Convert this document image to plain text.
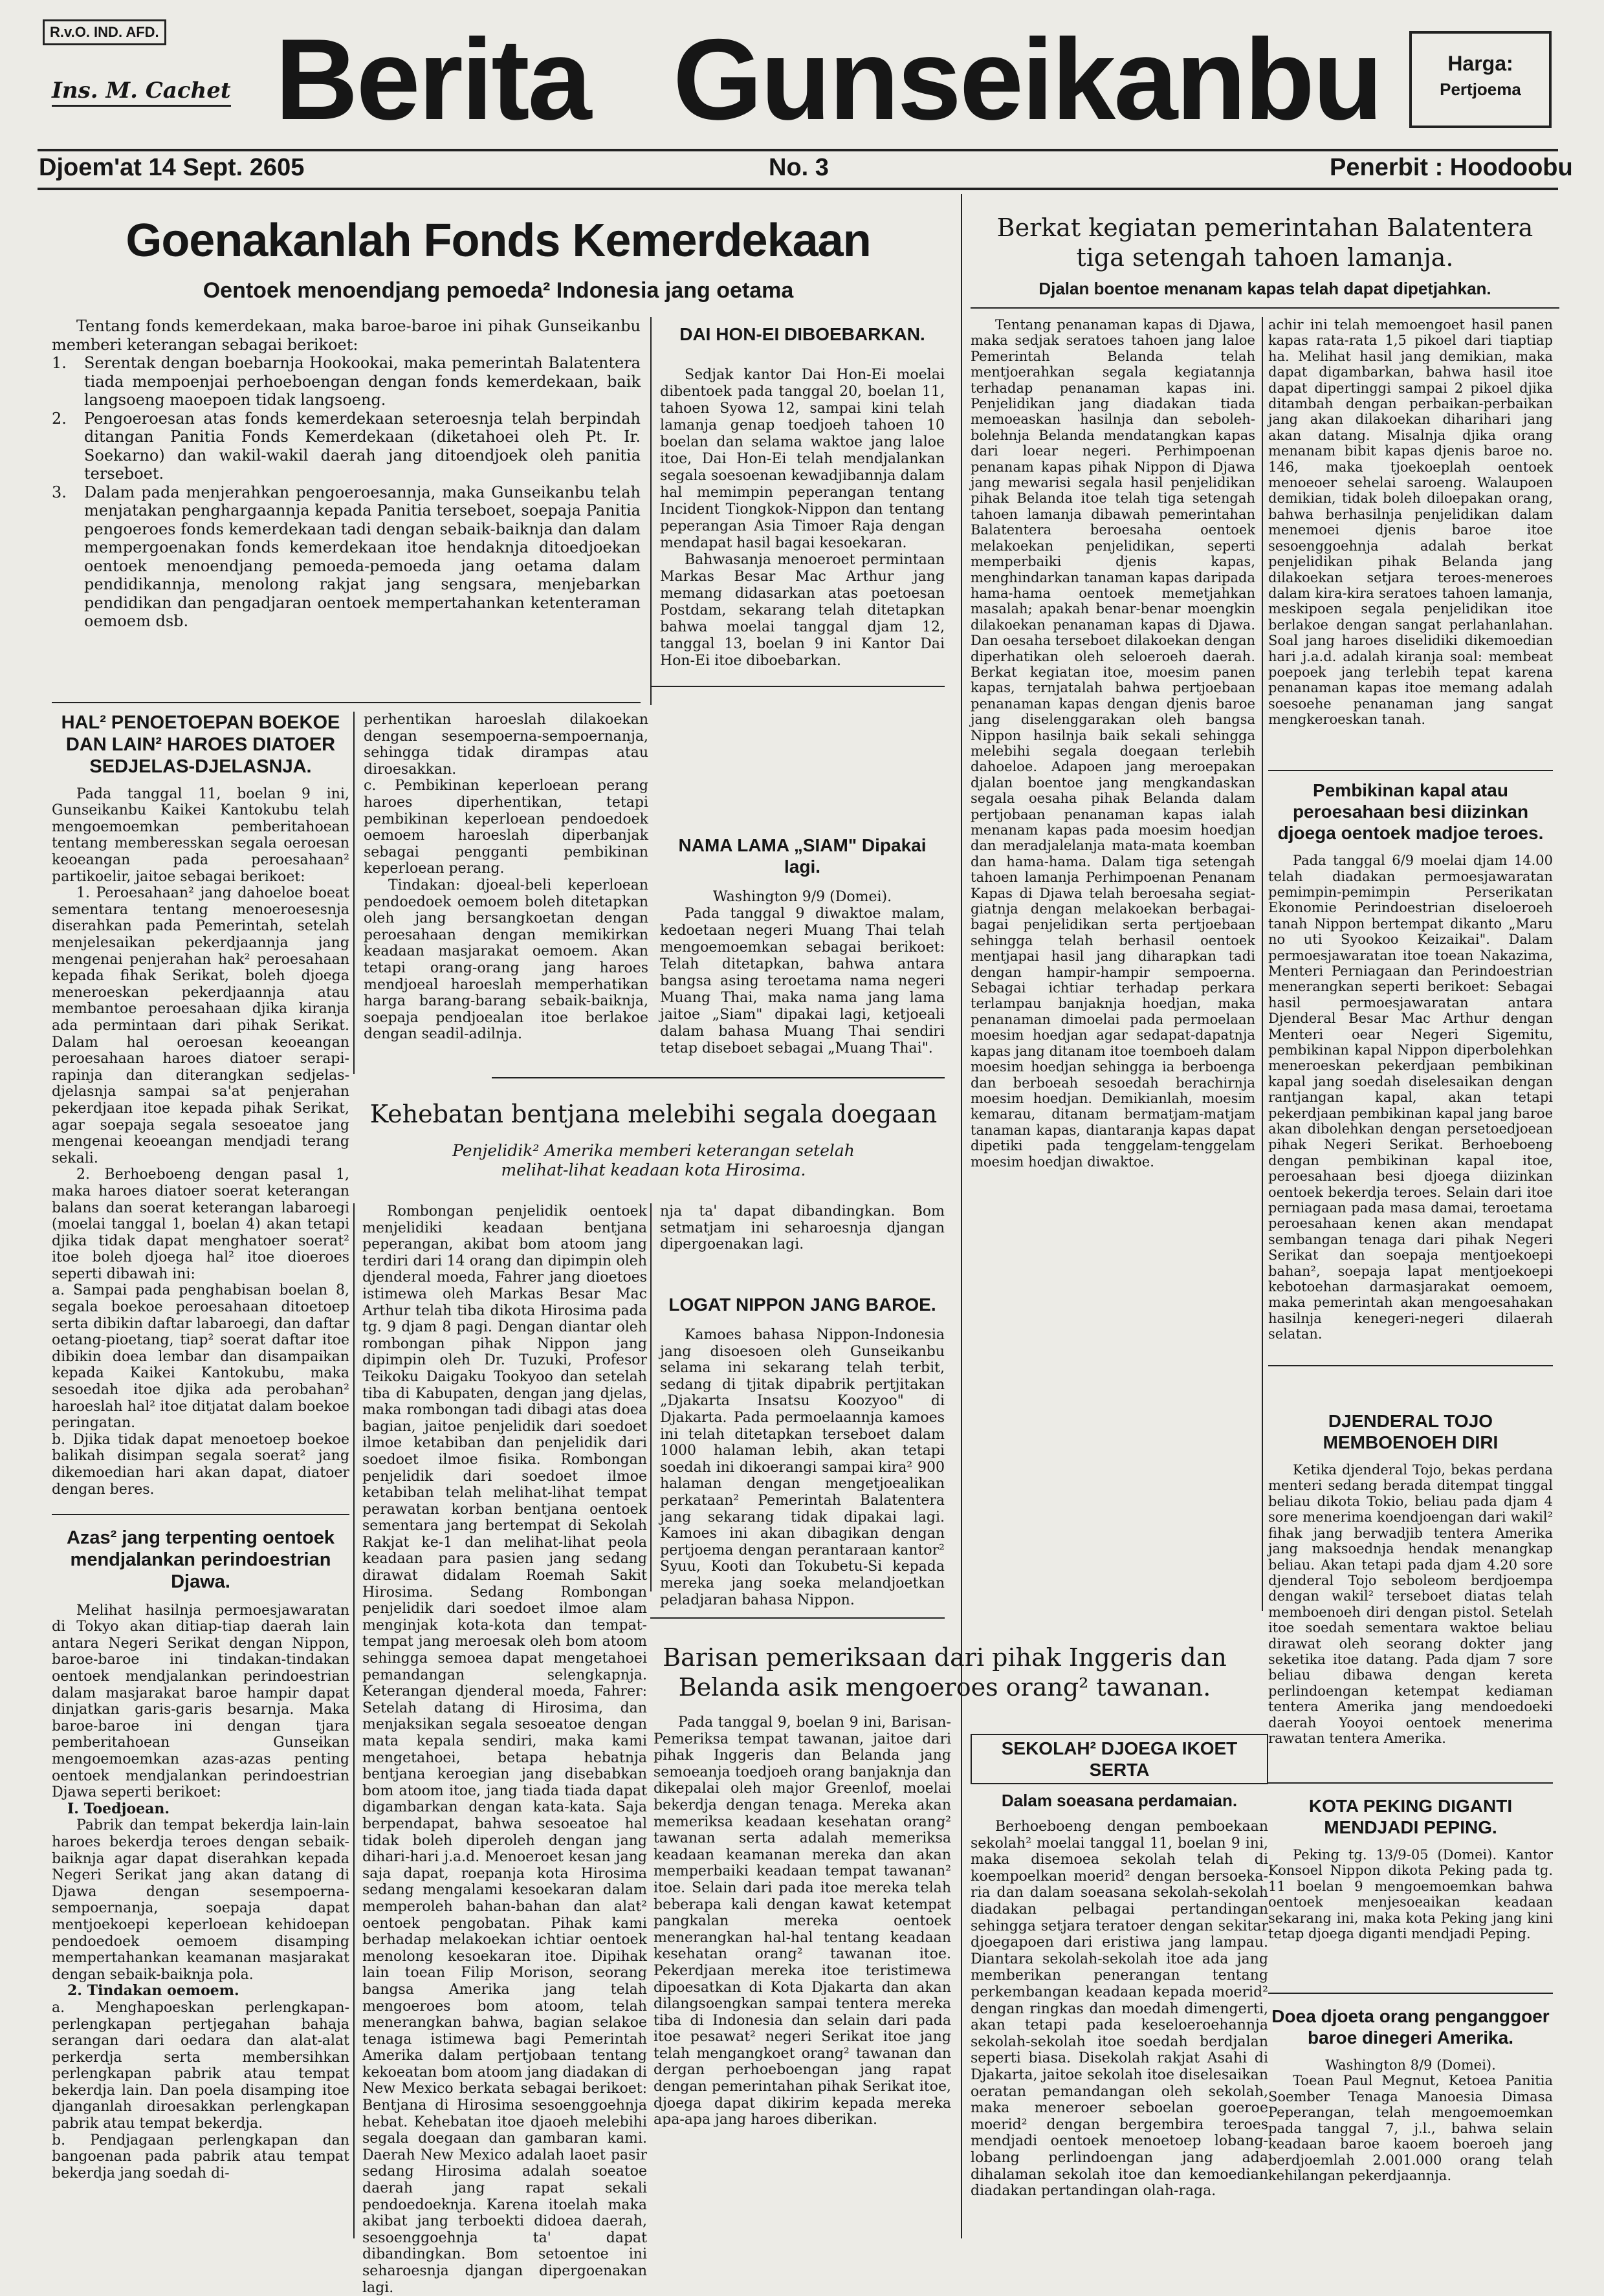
R.v.O. IND. AFD.
Ins. M. Cachet Berita Gunseikanbu	Harga:
Pertjoema
Djoem'at 14 Sept. 2605	No. 3	Penerbit : Hoodoobu
Goenakanlah Fonds Kemerdekaan
Oentoek menoendjang pemoeda² Indonesia jang oetama

Tentang fonds kemerdekaan, maka baroe-baroe ini pihak Gunseikanbu memberi keterangan sebagai berikoet:

1.	Serentak dengan boebarnja Hookookai, maka pemerintah Balatentera tiada mempoenjai perhoeboengan dengan fonds kemerdekaan, baik langsoeng maoepoen tidak langsoeng.
2.	Pengoeroesan atas fonds kemerdekaan seteroesnja telah berpindah ditangan Panitia Fonds Kemerdekaan (diketahoei oleh Pt. Ir. Soekarno) dan wakil-wakil daerah jang ditoendjoek oleh panitia terseboet.
3.	Dalam pada menjerahkan pengoeroesannja, maka Gunseikanbu telah menjatakan penghargaannja kepada Panitia terseboet, soepaja Panitia pengoeroes fonds kemerdekaan tadi dengan sebaik-baiknja dan dalam mempergoenakan fonds kemerdekaan itoe hendaknja ditoedjoekan oentoek menoendjang pemoeda-pemoeda jang oetama dalam pendidikannja, menolong rakjat jang sengsara, menjebarkan pendidikan dan pengadjaran oentoek mempertahankan ketenteraman oemoem dsb.
DAI HON-EI DIBOEBARKAN.

Sedjak kantor Dai Hon-Ei moelai dibentoek pada tanggal 20, boelan 11, tahoen Syowa 12, sampai kini telah lamanja genap toedjoeh tahoen 10 boelan dan selama waktoe jang laloe itoe, Dai Hon-Ei telah mendjalankan segala soesoenan kewadjibannja dalam hal memimpin peperangan tentang Incident Tiongkok-Nippon dan tentang peperangan Asia Timoer Raja dengan mendapat hasil bagai kesoekaran.

Bahwasanja menoeroet permintaan Markas Besar Mac Arthur jang memang didasarkan atas poetoesan Postdam, sekarang telah ditetapkan bahwa moelai tanggal djam 12, tanggal 13, boelan 9 ini Kantor Dai Hon-Ei itoe diboebarkan.

HAL² PENOETOEPAN BOEKOE DAN LAIN² HAROES DIATOER SEDJELAS-DJELASNJA.

Pada tanggal 11, boelan 9 ini, Gunseikanbu Kaikei Kantokubu telah mengoemoemkan pemberitahoean tentang memberesskan segala oeroesan keoeangan pada peroesahaan² partikoelir, jaitoe sebagai berikoet:

1. Peroesahaan² jang dahoeloe boeat sementara tentang menoeroesesnja diserahkan pada Pemerintah, setelah menjelesaikan pekerdjaannja jang mengenai penjerahan hak² peroesahaan kepada fihak Serikat, boleh djoega meneroeskan pekerdjaannja atau membantoe peroesahaan djika kiranja ada permintaan dari pihak Serikat. Dalam hal oeroesan keoeangan peroesahaan haroes diatoer serapi-rapinja dan diterangkan sedjelas-djelasnja sampai sa'at penjerahan pekerdjaan itoe kepada pihak Serikat, agar soepaja segala sesoeatoe jang mengenai keoeangan mendjadi terang sekali.

2. Berhoeboeng dengan pasal 1, maka haroes diatoer soerat keterangan balans dan soerat keterangan labaroegi (moelai tanggal 1, boelan 4) akan tetapi djika tidak dapat menghatoer soerat² itoe boleh djoega hal² itoe dioeroes seperti dibawah ini:

a. Sampai pada penghabisan boelan 8, segala boekoe peroesahaan ditoetoep serta dibikin daftar labaroegi, dan daftar oetang-pioetang, tiap² soerat daftar itoe dibikin doea lembar dan disampaikan kepada Kaikei Kantokubu, maka sesoedah itoe djika ada perobahan² haroeslah hal² itoe ditjatat dalam boekoe peringatan.

b. Djika tidak dapat menoetoep boekoe balikah disimpan segala soerat² jang dikemoedian hari akan dapat, diatoer dengan beres.

perhentikan haroeslah dilakoekan dengan sesempoerna-sempoernanja, sehingga tidak dirampas atau diroesakkan.

c. Pembikinan keperloean perang haroes diperhentikan, tetapi pembikinan keperloean pendoedoek oemoem haroeslah diperbanjak sebagai pengganti pembikinan keperloean perang.

Tindakan: djoeal-beli keperloean pendoedoek oemoem boleh ditetapkan oleh jang bersangkoetan dengan peroesahaan dengan memikirkan keadaan masjarakat oemoem. Akan tetapi orang-orang jang haroes mendjoeal haroeslah memperhatikan harga barang-barang sebaik-baiknja, soepaja pendjoealan itoe berlakoe dengan seadil-adilnja.

NAMA LAMA „SIAM" Dipakai lagi.

Washington 9/9 (Domei).

Pada tanggal 9 diwaktoe malam, kedoetaan negeri Muang Thai telah mengoemoemkan sebagai berikoet: Telah ditetapkan, bahwa antara bangsa asing teroetama nama negeri Muang Thai, maka nama jang lama jaitoe „Siam" dipakai lagi, ketjoeali dalam bahasa Muang Thai sendiri tetap diseboet sebagai „Muang Thai".

Kehebatan bentjana melebihi segala doegaan
Penjelidik² Amerika memberi keterangan setelah melihat-lihat keadaan kota Hirosima.

Rombongan penjelidik oentoek menjelidiki keadaan bentjana peperangan, akibat bom atoom jang terdiri dari 14 orang dan dipimpin oleh djenderal moeda, Fahrer jang dioetoes istimewa oleh Markas Besar Mac Arthur telah tiba dikota Hirosima pada tg. 9 djam 8 pagi. Dengan diantar oleh rombongan pihak Nippon jang dipimpin oleh Dr. Tuzuki, Profesor Teikoku Daigaku Tookyoo dan setelah tiba di Kabupaten, dengan jang djelas, maka rombongan tadi dibagi atas doea bagian, jaitoe penjelidik dari soedoet ilmoe ketabiban dan penjelidik dari soedoet ilmoe fisika. Rombongan penjelidik dari soedoet ilmoe ketabiban telah melihat-lihat tempat perawatan korban bentjana oentoek sementara jang bertempat di Sekolah Rakjat ke-1 dan melihat-lihat peola keadaan para pasien jang sedang dirawat didalam Roemah Sakit Hirosima. Sedang Rombongan penjelidik dari soedoet ilmoe alam menginjak kota-kota dan tempat-tempat jang meroesak oleh bom atoom sehingga semoea dapat mengetahoei pemandangan selengkapnja. Keterangan djenderal moeda, Fahrer: Setelah datang di Hirosima, dan menjaksikan segala sesoeatoe dengan mata kepala sendiri, maka kami mengetahoei, betapa hebatnja bentjana keroegian jang disebabkan bom atoom itoe, jang tiada tiada dapat digambarkan dengan kata-kata. Saja berpendapat, bahwa sesoeatoe hal tidak boleh diperoleh dengan jang dihari-hari j.a.d. Menoeroet kesan jang saja dapat, roepanja kota Hirosima sedang mengalami kesoekaran dalam memperoleh bahan-bahan dan alat² oentoek pengobatan. Pihak kami berhadap melakoekan ichtiar oentoek menolong kesoekaran itoe. Dipihak lain toean Filip Morison, seorang bangsa Amerika jang telah mengoeroes bom atoom, telah menerangkan bahwa, bagian selakoe tenaga istimewa bagi Pemerintah Amerika dalam pertjobaan tentang kekoeatan bom atoom jang diadakan di New Mexico berkata sebagai berikoet: Bentjana di Hirosima sesoenggoehnja hebat. Kehebatan itoe djaoeh melebihi segala doegaan dan gambaran kami. Daerah New Mexico adalah laoet pasir sedang Hirosima adalah soeatoe daerah jang rapat sekali pendoedoeknja. Karena itoelah maka akibat jang terboekti didoea daerah, sesoenggoehnja ta' dapat dibandingkan. Bom setoentoe ini seharoesnja djangan dipergoenakan lagi.

nja ta' dapat dibandingkan. Bom setmatjam ini seharoesnja djangan dipergoenakan lagi.

LOGAT NIPPON JANG BAROE.

Kamoes bahasa Nippon-Indonesia jang disoesoen oleh Gunseikanbu selama ini sekarang telah terbit, sedang di tjitak dipabrik pertjitakan „Djakarta Insatsu Koozyoo" di Djakarta. Pada permoelaannja kamoes ini telah ditetapkan terseboet dalam 1000 halaman lebih, akan tetapi soedah ini dikoerangi sampai kira² 900 halaman dengan mengetjoealikan perkataan² Pemerintah Balatentera jang sekarang tidak dipakai lagi. Kamoes ini akan dibagikan dengan pertjoema dengan perantaraan kantor² Syuu, Kooti dan Tokubetu-Si kepada mereka jang soeka melandjoetkan peladjaran bahasa Nippon.

Azas² jang terpenting oentoek mendjalankan perindoestrian Djawa.

Melihat hasilnja permoesjawaratan di Tokyo akan ditiap-tiap daerah lain antara Negeri Serikat dengan Nippon, baroe-baroe ini tindakan-tindakan oentoek mendjalankan perindoestrian dalam masjarakat baroe hampir dapat dinjatkan garis-garis besarnja. Maka baroe-baroe ini dengan tjara pemberitahoean Gunseikan mengoemoemkan azas-azas penting oentoek mendjalankan perindoestrian Djawa seperti berikoet:

I. Toedjoean.

Pabrik dan tempat bekerdja lain-lain haroes bekerdja teroes dengan sebaik-baiknja agar dapat diserahkan kepada Negeri Serikat jang akan datang di Djawa dengan sesempoerna-sempoernanja, soepaja dapat mentjoekoepi keperloean kehidoepan pendoedoek oemoem disamping mempertahankan keamanan masjarakat dengan sebaik-baiknja pola.

2. Tindakan oemoem.

a. Menghapoeskan perlengkapan-perlengkapan pertjegahan bahaja serangan dari oedara dan alat-alat perkerdja serta membersihkan perlengkapan pabrik atau tempat bekerdja lain. Dan poela disamping itoe djanganlah diroesakkan perlengkapan pabrik atau tempat bekerdja.

b. Pendjagaan perlengkapan dan bangoenan pada pabrik atau tempat bekerdja jang soedah di-

Barisan pemeriksaan dari pihak Inggeris dan Belanda asik mengoeroes orang² tawanan.

Pada tanggal 9, boelan 9 ini, Barisan-Pemeriksa tempat tawanan, jaitoe dari pihak Inggeris dan Belanda jang semoeanja toedjoeh orang banjaknja dan dikepalai oleh major Greenlof, moelai bekerdja dengan tenaga. Mereka akan memeriksa keadaan kesehatan orang² tawanan serta adalah memeriksa keadaan keamanan mereka dan akan memperbaiki keadaan tempat tawanan² itoe. Selain dari pada itoe mereka telah beberapa kali dengan kawat ketempat pangkalan mereka oentoek menerangkan hal-hal tentang keadaan kesehatan orang² tawanan itoe. Pekerdjaan mereka itoe teristimewa dipoesatkan di Kota Djakarta dan akan dilangsoengkan sampai tentera mereka tiba di Indonesia dan selain dari pada itoe pesawat² negeri Serikat itoe jang telah mengangkoet orang² tawanan dan dergan perhoeboengan jang rapat dengan pemerintahan pihak Serikat itoe, djoega dapat dikirim kepada mereka apa-apa jang haroes diberikan.

SEKOLAH² DJOEGA IKOET SERTA
Dalam soeasana perdamaian.

Berhoeboeng dengan pemboekaan sekolah² moelai tanggal 11, boelan 9 ini, maka disemoea sekolah telah di koempoelkan moerid² dengan bersoeka-ria dan dalam soeasana sekolah-sekolah diadakan pelbagai pertandingan sehingga setjara teratoer dengan sekitar djoegapoen dari eristiwa jang lampau. Diantara sekolah-sekolah itoe ada jang memberikan penerangan tentang perkembangan keadaan kepada moerid² dengan ringkas dan moedah dimengerti, akan tetapi pada keseloeroehannja sekolah-sekolah itoe soedah berdjalan seperti biasa. Disekolah rakjat Asahi di Djakarta, jaitoe sekolah itoe diselesaikan oeratan pemandangan oleh sekolah, maka meneroer seboelan goeroe moerid² dengan bergembira teroes mendjadi oentoek menoetoep lobang-lobang perlindoengan jang ada dihalaman sekolah itoe dan kemoedian diadakan pertandingan olah-raga.

Berkat kegiatan pemerintahan Balatentera tiga setengah tahoen lamanja.
Djalan boentoe menanam kapas telah dapat dipetjahkan.

Tentang penanaman kapas di Djawa, maka sedjak seratoes tahoen jang laloe Pemerintah Belanda telah mentjoerahkan segala kegiatannja terhadap penanaman kapas ini. Penjelidikan jang diadakan tiada memoeaskan hasilnja dan seboleh-bolehnja Belanda mendatangkan kapas dari loear negeri. Perhimpoenan penanam kapas pihak Nippon di Djawa jang mewarisi segala hasil penjelidikan pihak Belanda itoe telah tiga setengah tahoen lamanja dibawah pemerintahan Balatentera beroesaha oentoek melakoekan penjelidikan, seperti memperbaiki djenis kapas, menghindarkan tanaman kapas daripada hama-hama oentoek memetjahkan masalah; apakah benar-benar moengkin dilakoekan penanaman kapas di Djawa. Dan oesaha terseboet dilakoekan dengan diperhatikan oleh seloeroeh daerah. Berkat kegiatan itoe, moesim panen kapas, ternjatalah bahwa pertjoebaan penanaman kapas dengan djenis baroe jang diselenggarakan oleh bangsa Nippon hasilnja baik sekali sehingga melebihi segala doegaan terlebih dahoeloe. Adapoen jang meroepakan djalan boentoe jang mengkandaskan segala oesaha pihak Belanda dalam pertjobaan penanaman kapas ialah menanam kapas pada moesim hoedjan dan meradjalelanja mata-mata koemban dan hama-hama. Dalam tiga setengah tahoen lamanja Perhimpoenan Penanam Kapas di Djawa telah beroesaha segiat-giatnja dengan melakoekan berbagai-bagai penjelidikan serta pertjoebaan sehingga telah berhasil oentoek mentjapai hasil jang diharapkan tadi dengan hampir-hampir sempoerna. Sebagai ichtiar terhadap perkara terlampau banjaknja hoedjan, maka penanaman dimoelai pada permoelaan moesim hoedjan agar sedapat-dapatnja kapas jang ditanam itoe toemboeh dalam moesim hoedjan sehingga ia berboenga dan berboeah sesoedah berachirnja moesim hoedjan. Demikianlah, moesim kemarau, ditanam bermatjam-matjam tanaman kapas, diantaranja kapas dapat dipetiki pada tenggelam-tenggelam moesim hoedjan diwaktoe.

achir ini telah memoengoet hasil panen kapas rata-rata 1,5 pikoel dari tiaptiap ha. Melihat hasil jang demikian, maka dapat digambarkan, bahwa hasil itoe dapat dipertinggi sampai 2 pikoel djika ditambah dengan perbaikan-perbaikan jang akan dilakoekan diharihari jang akan datang. Misalnja djika orang menanam bibit kapas djenis baroe no. 146, maka tjoekoeplah oentoek menoeoer sehelai saroeng. Walaupoen demikian, tidak boleh diloepakan orang, bahwa berhasilnja penjelidikan dalam menemoei djenis baroe itoe sesoenggoehnja adalah berkat penjelidikan pihak Belanda jang dilakoekan setjara teroes-meneroes dalam kira-kira seratoes tahoen lamanja, meskipoen segala penjelidikan itoe berlakoe dengan sangat perlahanlahan. Soal jang haroes diselidiki dikemoedian hari j.a.d. adalah kiranja soal: membeat poepoek jang terlebih tepat karena penanaman kapas itoe memang adalah soesoehe penanaman jang sangat mengkeroeskan tanah.

Pembikinan kapal atau peroesahaan besi diizinkan djoega oentoek madjoe teroes.

Pada tanggal 6/9 moelai djam 14.00 telah diadakan permoesjawaratan pemimpin-pemimpin Perserikatan Ekonomie Perindoestrian diseloeroeh tanah Nippon bertempat dikanto „Maru no uti Syookoo Keizaikai". Dalam permoesjawaratan itoe toean Nakazima, Menteri Perniagaan dan Perindoestrian menerangkan seperti berikoet: Sebagai hasil permoesjawaratan antara Djenderal Besar Mac Arthur dengan Menteri oear Negeri Sigemitu, pembikinan kapal Nippon diperbolehkan meneroeskan pekerdjaan pembikinan kapal jang soedah diselesaikan dengan rantjangan kapal, akan tetapi pekerdjaan pembikinan kapal jang baroe akan dibolehkan dengan persetoedjoean pihak Negeri Serikat. Berhoeboeng dengan pembikinan kapal itoe, peroesahaan besi djoega diizinkan oentoek bekerdja teroes. Selain dari itoe perniagaan pada masa damai, teroetama peroesahaan kenen akan mendapat sembangan tenaga dari pihak Negeri Serikat dan soepaja mentjoekoepi bahan², soepaja lapat mentjoekoepi kebotoehan darmasjarakat oemoem, maka pemerintah akan mengoesahakan hasilnja kenegeri-negeri dilaerah selatan.

DJENDERAL TOJO MEMBOENOEH DIRI

Ketika djenderal Tojo, bekas perdana menteri sedang berada ditempat tinggal beliau dikota Tokio, beliau pada djam 4 sore menerima koendjoengan dari wakil² fihak jang berwadjib tentera Amerika jang maksoednja hendak menangkap beliau. Akan tetapi pada djam 4.20 sore djenderal Tojo seboleom berdjoempa dengan wakil² terseboet diatas telah memboenoeh diri dengan pistol. Setelah itoe soedah sementara waktoe beliau dirawat oleh seorang dokter jang seketika itoe datang. Pada djam 7 sore beliau dibawa dengan kereta perlindoengan ketempat kediaman tentera Amerika jang mendoedoeki daerah Yooyoi oentoek menerima rawatan tentera Amerika.

KOTA PEKING DIGANTI MENDJADI PEPING.

Peking tg. 13/9-05 (Domei). Kantor Konsoel Nippon dikota Peking pada tg. 11 boelan 9 mengoemoemkan bahwa oentoek menjesoeaikan keadaan sekarang ini, maka kota Peking jang kini tetap djoega diganti mendjadi Peping.

Doea djoeta orang penganggoer baroe dinegeri Amerika.

Washington 8/9 (Domei).

Toean Paul Megnut, Ketoea Panitia Soember Tenaga Manoesia Dimasa Peperangan, telah mengoemoemkan pada tanggal 7, j.l., bahwa selain keadaan baroe kaoem boeroeh jang berdjoemlah 2.001.000 orang telah kehilangan pekerdjaannja.
